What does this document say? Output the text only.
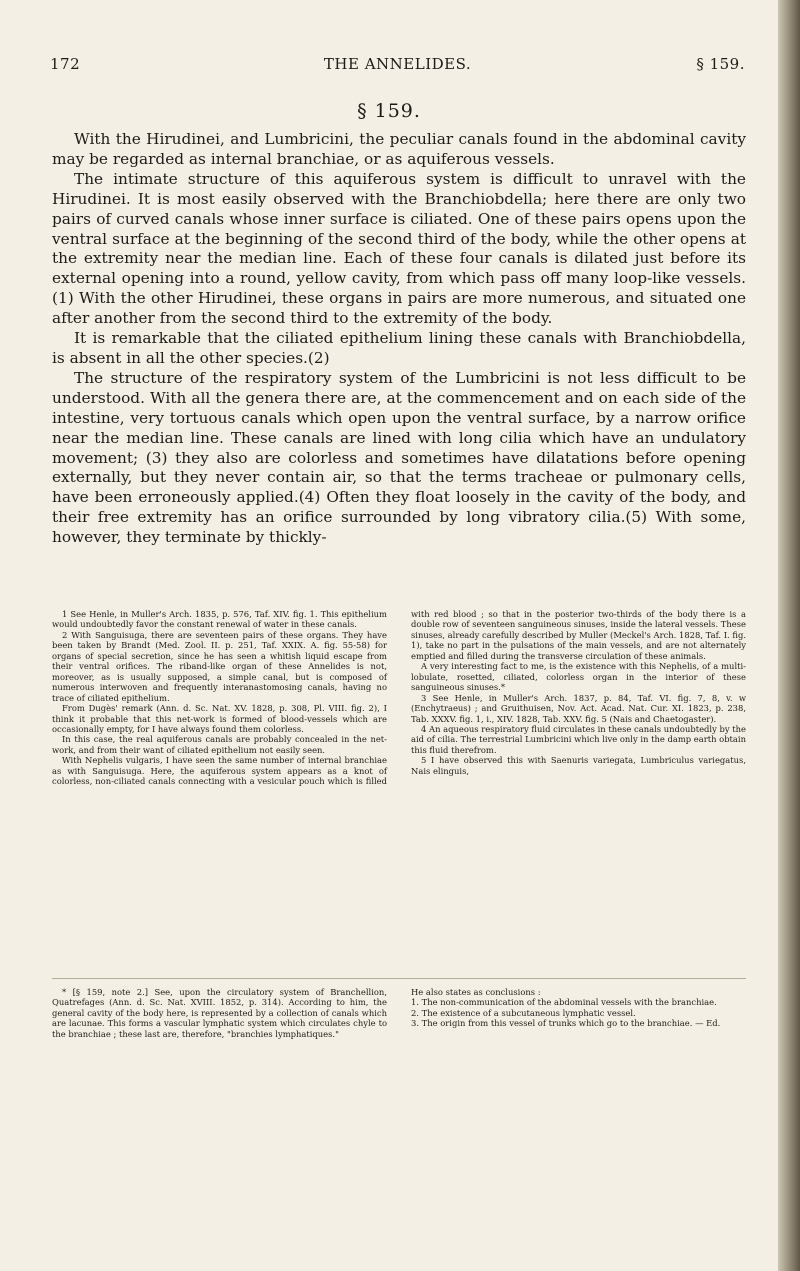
172	THE ANNELIDES.	§ 159.
§ 159.

With the Hirudinei, and Lumbricini, the peculiar canals found in the abdominal cavity may be regarded as internal branchiae, or as aquiferous vessels.

The intimate structure of this aquiferous system is difficult to unravel with the Hirudinei. It is most easily observed with the Branchiobdella; here there are only two pairs of curved canals whose inner surface is ciliated. One of these pairs opens upon the ventral surface at the beginning of the second third of the body, while the other opens at the extremity near the median line. Each of these four canals is dilated just before its external opening into a round, yellow cavity, from which pass off many loop-like vessels.(1) With the other Hirudinei, these organs in pairs are more numerous, and situated one after another from the second third to the extremity of the body.

It is remarkable that the ciliated epithelium lining these canals with Branchiobdella, is absent in all the other species.(2)

The structure of the respiratory system of the Lumbricini is not less difficult to be understood. With all the genera there are, at the commencement and on each side of the intestine, very tortuous canals which open upon the ventral surface, by a narrow orifice near the median line. These canals are lined with long cilia which have an undulatory movement; (3) they also are colorless and sometimes have dilatations before opening externally, but they never contain air, so that the terms tracheae or pulmonary cells, have been erroneously applied.(4) Often they float loosely in the cavity of the body, and their free extremity has an orifice surrounded by long vibratory cilia.(5) With some, however, they terminate by thickly-

1 See Henle, in Muller's Arch. 1835, p. 576, Taf. XIV. fig. 1. This epithelium would undoubtedly favor the constant renewal of water in these canals.

2 With Sanguisuga, there are seventeen pairs of these organs. They have been taken by Brandt (Med. Zool. II. p. 251, Taf. XXIX. A. fig. 55-58) for organs of special secretion, since he has seen a whitish liquid escape from their ventral orifices. The riband-like organ of these Annelides is not, moreover, as is usually supposed, a simple canal, but is composed of numerous interwoven and frequently interanastomosing canals, having no trace of ciliated epithelium.

From Dugès' remark (Ann. d. Sc. Nat. XV. 1828, p. 308, Pl. VIII. fig. 2), I think it probable that this net-work is formed of blood-vessels which are occasionally empty, for I have always found them colorless.

In this case, the real aquiferous canals are probably concealed in the net-work, and from their want of ciliated epithelium not easily seen.

With Nephelis vulgaris, I have seen the same number of internal branchiae as with Sanguisuga. Here, the aquiferous system appears as a knot of colorless, non-ciliated canals connecting with a vesicular pouch which is filled with red blood ; so that in the posterior two-thirds of the body there is a double row of seventeen sanguineous sinuses, inside the lateral vessels. These sinuses, already carefully described by Muller (Meckel's Arch. 1828, Taf. I. fig. 1), take no part in the pulsations of the main vessels, and are not alternately emptied and filled during the transverse circulation of these animals.

A very interesting fact to me, is the existence with this Nephelis, of a multi-lobulate, rosetted, ciliated, colorless organ in the interior of these sanguineous sinuses.*

3 See Henle, in Muller's Arch. 1837, p. 84, Taf. VI. fig. 7, 8, v. w (Enchytraeus) ; and Gruithuisen, Nov. Act. Acad. Nat. Cur. XI. 1823, p. 238, Tab. XXXV. fig. 1, i., XIV. 1828, Tab. XXV. fig. 5 (Nais and Chaetogaster).

4 An aqueous respiratory fluid circulates in these canals undoubtedly by the aid of cilia. The terrestrial Lumbricini which live only in the damp earth obtain this fluid therefrom.

5 I have observed this with Saenuris variegata, Lumbriculus variegatus, Nais elinguis,

* [§ 159, note 2.] See, upon the circulatory system of Branchellion, Quatrefages (Ann. d. Sc. Nat. XVIII. 1852, p. 314). According to him, the general cavity of the body here, is represented by a collection of canals which are lacunae. This forms a vascular lymphatic system which circulates chyle to the branchiae ; these last are, therefore, "branchies lymphatiques."

He also states as conclusions :

1. The non-communication of the abdominal vessels with the branchiae.

2. The existence of a subcutaneous lymphatic vessel.

3. The origin from this vessel of trunks which go to the branchiae. — Ed.
